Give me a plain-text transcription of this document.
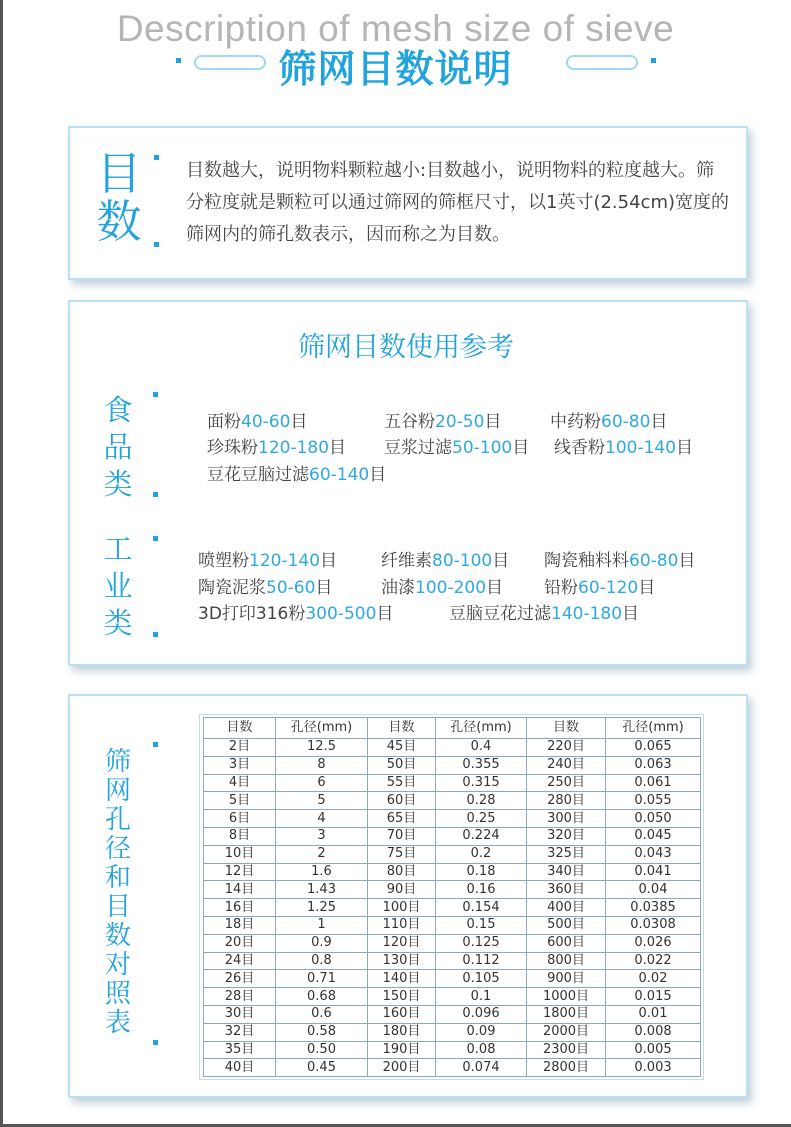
Description of mesh size of sieve
筛网目数说明
目
数
目数越大，说明物料颗粒越小:目数越小，说明物料的粒度越大。筛分粒度就是颗粒可以通过筛网的筛框尺寸，以1英寸(2.54cm)宽度的筛网内的筛孔数表示，因而称之为目数。
筛网目数使用参考
食
品
类
面粉40-60目	五谷粉20-50目	中药粉60-80目
珍珠粉120-180目 豆浆过滤50-100目 线香粉100-140目
豆花豆脑过滤60-140目
工
业
类
喷塑粉120-140目	纤维素80-100目 陶瓷釉料料60-80目
陶瓷泥浆50-60目	油漆100-200目 铅粉60-120目
3D打印316粉300-500目	豆脑豆花过滤140-180目
筛
网
孔
径
和
目
数
对
照
表
目数	孔径(mm)	目数	孔径(mm)	目数	孔径(mm)
2目	12.5	45目	0.4	220目	0.065
3目	8	50目	0.355	240目	0.063
4目	6	55目	0.315	250目	0.061
5目	5	60目	0.28	280目	0.055
6目	4	65目	0.25	300目	0.050
8目	3	70目	0.224	320目	0.045
10目	2	75目	0.2	325目	0.043
12目	1.6	80目	0.18	340目	0.041
14目	1.43	90目	0.16	360目	0.04
16目	1.25	100目	0.154	400目	0.0385
18目	1	110目	0.15	500目	0.0308
20目	0.9	120目	0.125	600目	0.026
24目	0.8	130目	0.112	800目	0.022
26目	0.71	140目	0.105	900目	0.02
28目	0.68	150目	0.1	1000目	0.015
30目	0.6	160目	0.096	1800目	0.01
32目	0.58	180目	0.09	2000目	0.008
35目	0.50	190目	0.08	2300目	0.005
40目	0.45	200目	0.074	2800目	0.003
